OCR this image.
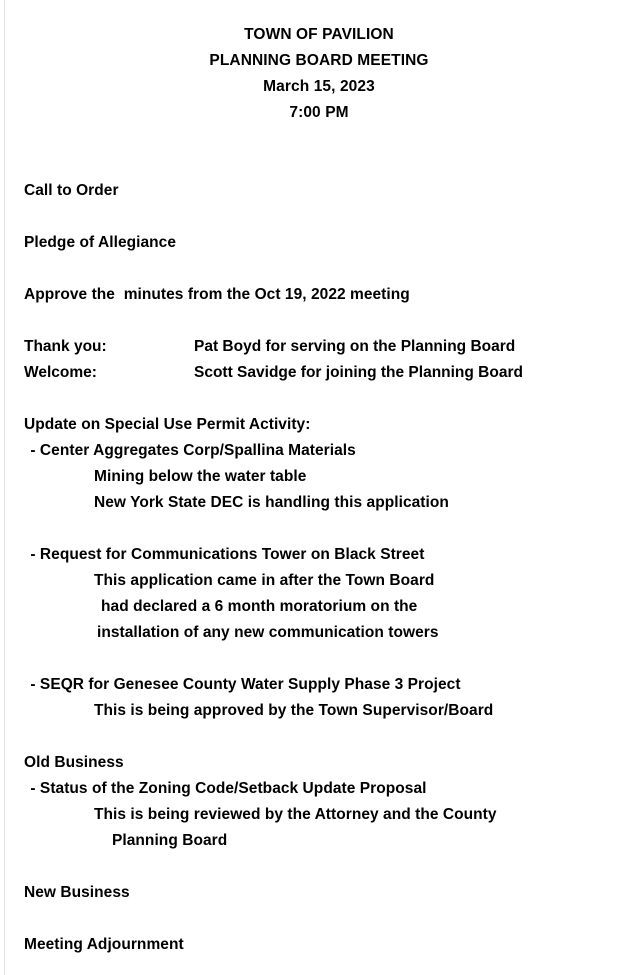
TOWN OF PAVILION
PLANNING BOARD MEETING
March 15, 2023
7:00 PM
Call to Order
Pledge of Allegiance
Approve the  minutes from the Oct 19, 2022 meeting
Thank you:	Pat Boyd for serving on the Planning Board
Welcome:	Scott Savidge for joining the Planning Board
Update on Special Use Permit Activity:
- Center Aggregates Corp/Spallina Materials
Mining below the water table
New York State DEC is handling this application
- Request for Communications Tower on Black Street
This application came in after the Town Board
had declared a 6 month moratorium on the
installation of any new communication towers
- SEQR for Genesee County Water Supply Phase 3 Project
This is being approved by the Town Supervisor/Board
Old Business
- Status of the Zoning Code/Setback Update Proposal
This is being reviewed by the Attorney and the County
Planning Board
New Business
Meeting Adjournment
